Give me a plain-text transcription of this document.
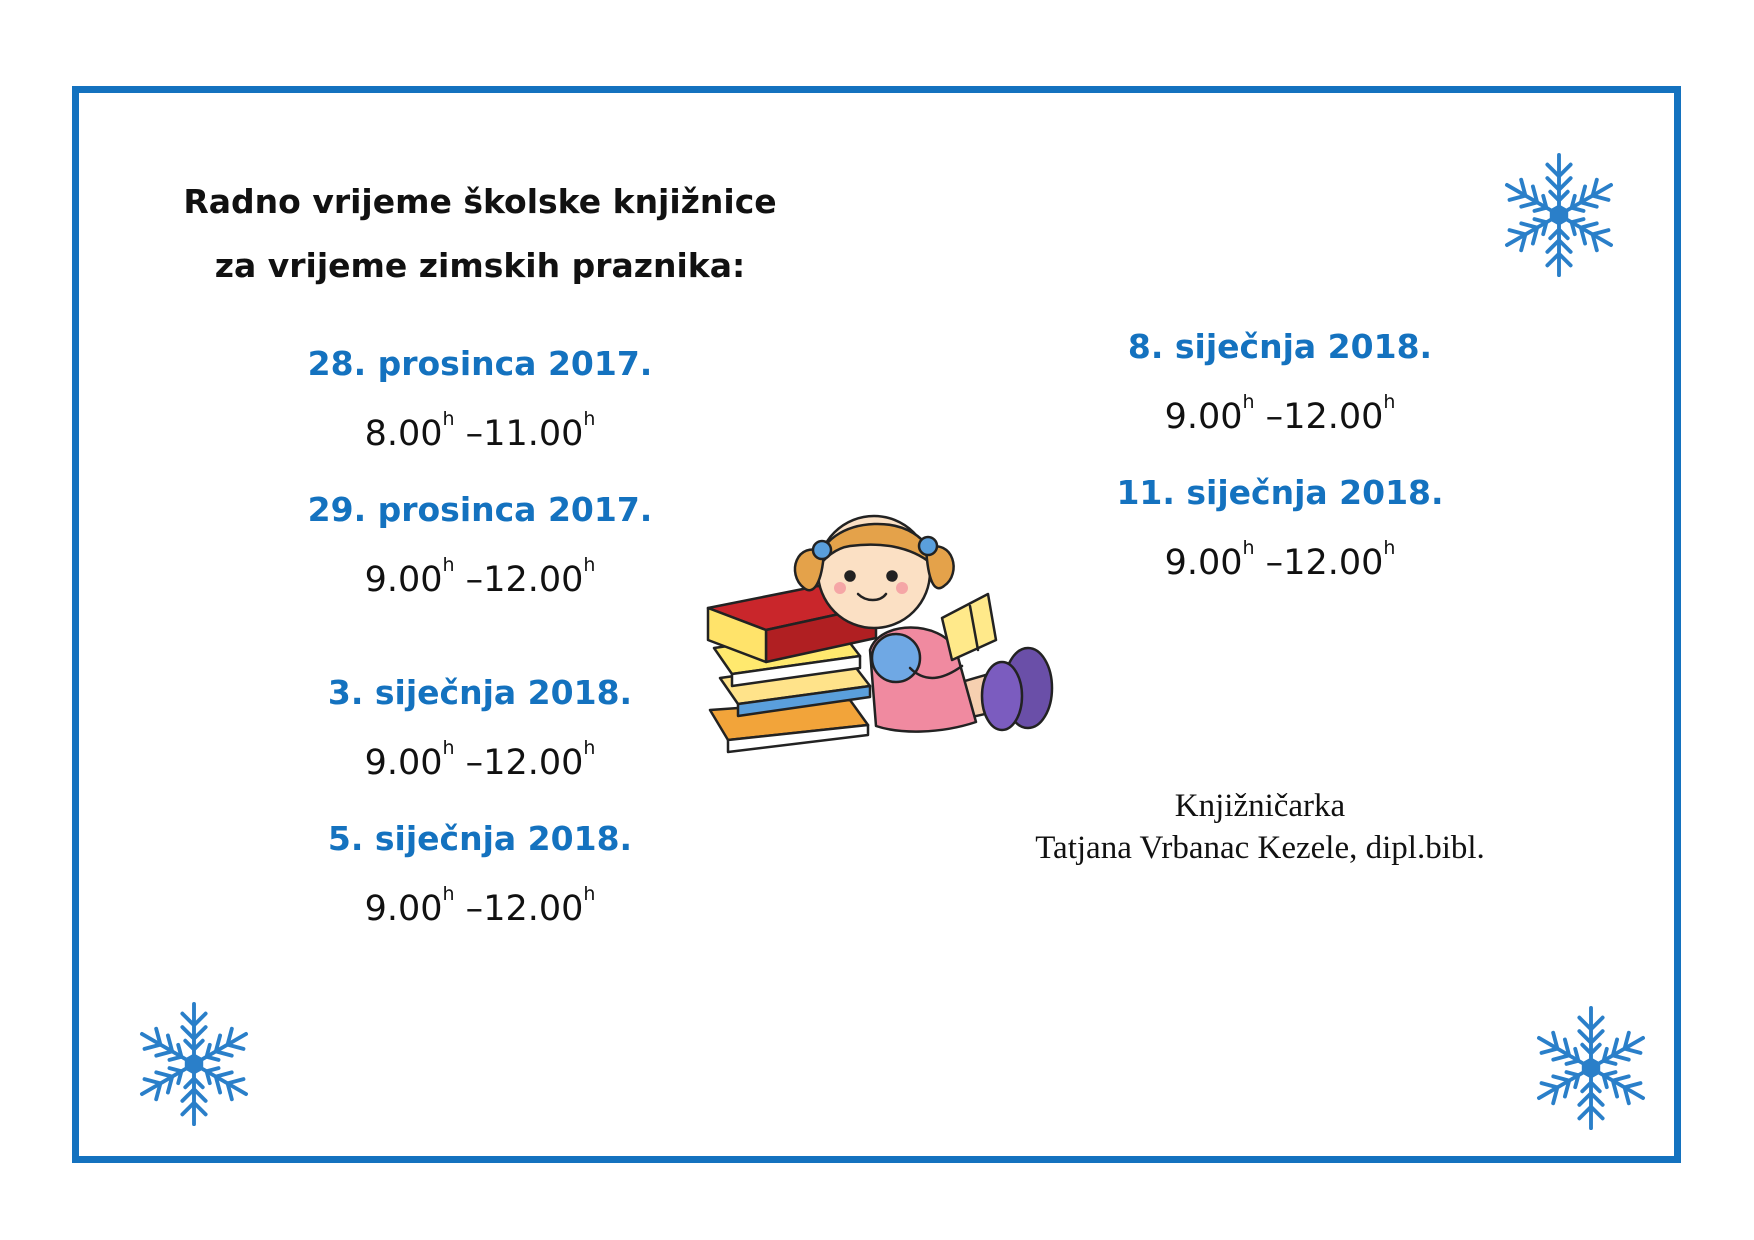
Radno vrijeme školske knjižnice
za vrijeme zimskih praznika:
28. prosinca 2017.
8.00$^h$ –11.00$^h$
29. prosinca 2017.
9.00$^h$ –12.00$^h$
3. siječnja 2018.
9.00$^h$ –12.00$^h$
5. siječnja 2018.
9.00$^h$ –12.00$^h$
8. siječnja 2018.
9.00$^h$ –12.00$^h$
11. siječnja 2018.
9.00$^h$ –12.00$^h$
Knjižničarka
Tatjana Vrbanac Kezele, dipl.bibl.
